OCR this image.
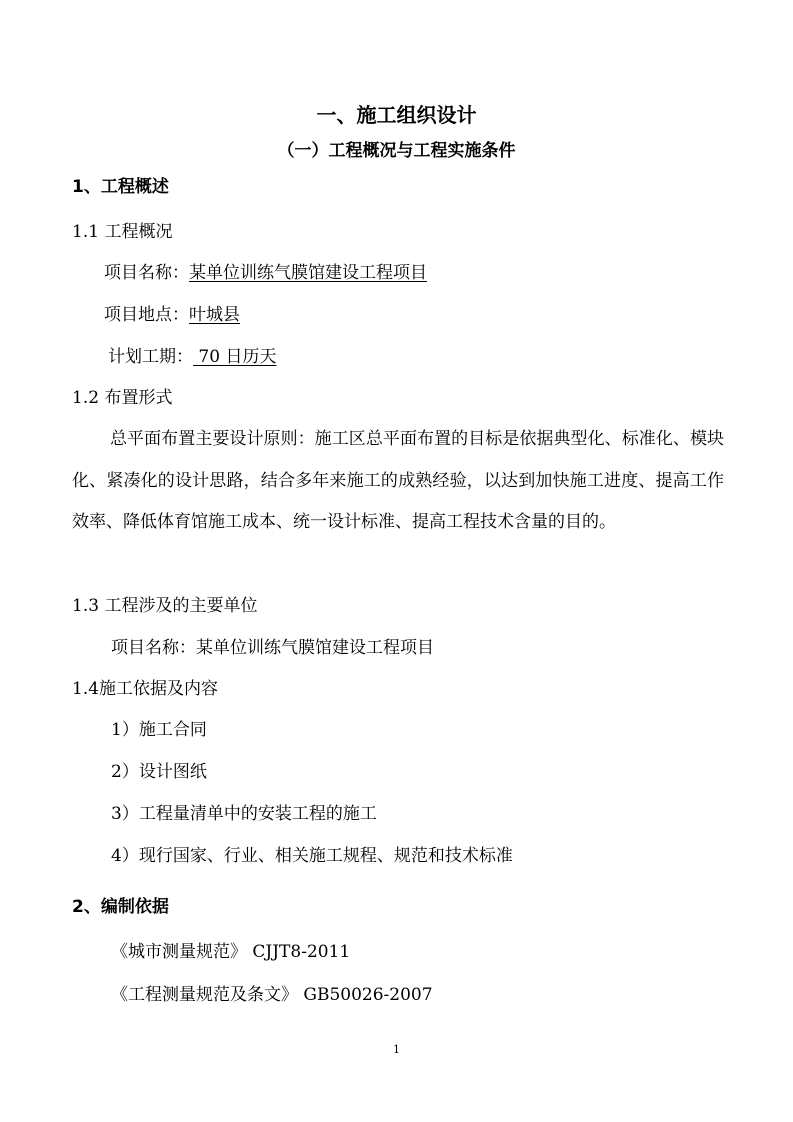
一、施工组织设计
（一）工程概况与工程实施条件
1、工程概述
1.1 工程概况
项目名称：某单位训练气膜馆建设工程项目
项目地点：叶城县
计划工期： 70 日历天
1.2 布置形式
总平面布置主要设计原则：施工区总平面布置的目标是依据典型化、标准化、模块化、紧凑化的设计思路，结合多年来施工的成熟经验，以达到加快施工进度、提高工作效率、降低体育馆施工成本、统一设计标准、提高工程技术含量的目的。
1.3 工程涉及的主要单位
项目名称：某单位训练气膜馆建设工程项目
1.4施工依据及内容
1）施工合同
2）设计图纸
3）工程量清单中的安装工程的施工
4）现行国家、行业、相关施工规程、规范和技术标准
2、编制依据
《城市测量规范》 CJJT8-2011
《工程测量规范及条文》 GB50026-2007
1
